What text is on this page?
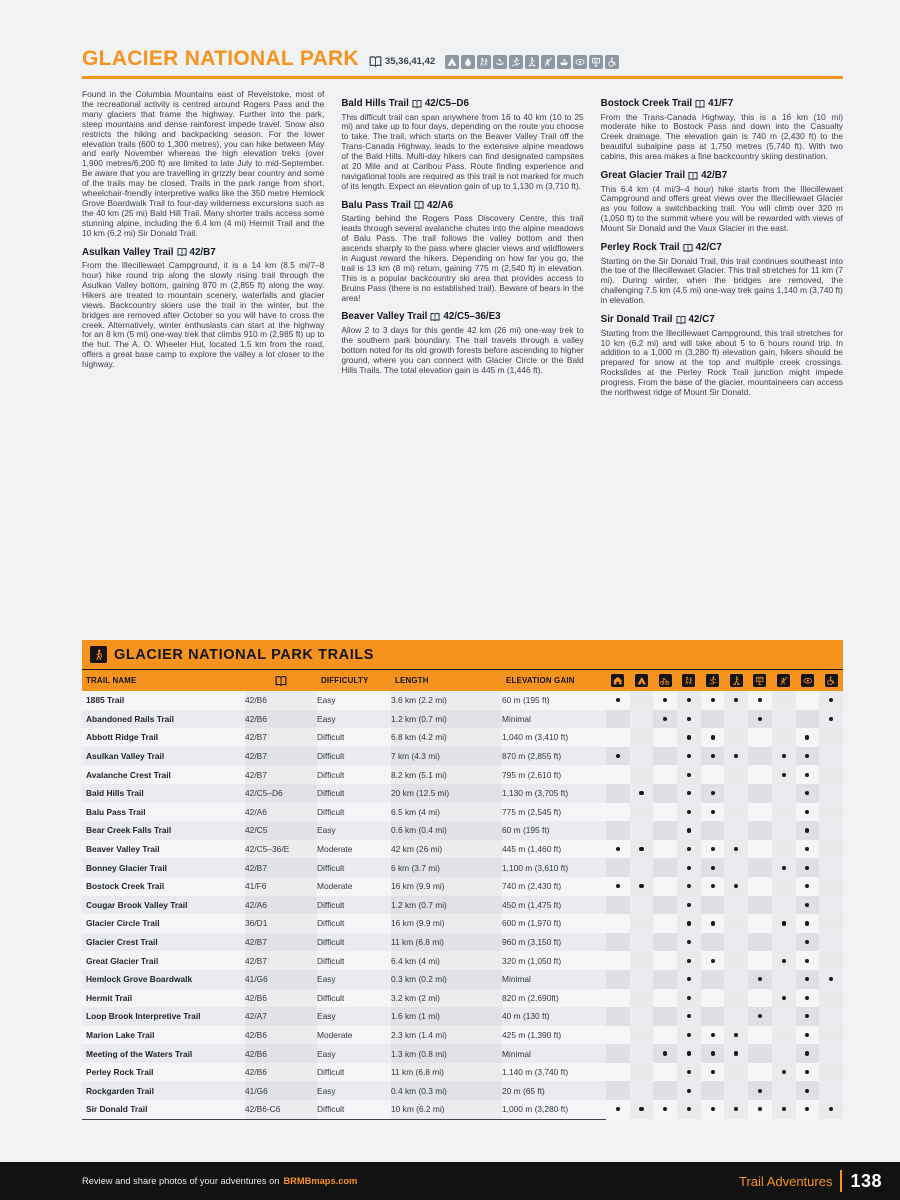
GLACIER NATIONAL PARK	35,36,41,42

Found in the Columbia Mountains east of Revelstoke, most of the recreational activity is centred around Rogers Pass and the many glaciers that frame the highway. Further into the park, steep mountains and dense rainforest impede travel. Snow also restricts the hiking and backpacking season. For the lower elevation trails (600 to 1,300 metres), you can hike between May and early November whereas the high elevation treks (over 1,900 metres/6,200 ft) are limited to late July to mid-September. Be aware that you are travelling in grizzly bear country and some of the trails may be closed. Trails in the park range from short, wheelchair-friendly interpretive walks like the 350 metre Hemlock Grove Boardwalk Trail to four-day wilderness excursions such as the 40 km (25 mi) Bald Hill Trail. Many shorter trails access some stunning alpine, including the 6.4 km (4 mi) Hermit Trail and the 10 km (6.2 mi) Sir Donald Trail.

Asulkan Valley Trail 42/B7

From the Illecillewaet Campground, it is a 14 km (8.5 mi/7–8 hour) hike round trip along the slowly rising trail through the Asulkan Valley bottom, gaining 870 m (2,855 ft) along the way. Hikers are treated to mountain scenery, waterfalls and glacier views. Backcountry skiers use the trail in the winter, but the bridges are removed after October so you will have to cross the creek. Alternatively, winter enthusiasts can start at the highway for an 8 km (5 mi) one-way trek that climbs 910 m (2,985 ft) up to the hut. The A. O. Wheeler Hut, located 1.5 km from the road, offers a great base camp to explore the valley a lot closer to the highway.

Bald Hills Trail 42/C5–D6

This difficult trail can span anywhere from 16 to 40 km (10 to 25 mi) and take up to four days, depending on the route you choose to take. The trail, which starts on the Beaver Valley Trail off the Trans-Canada Highway, leads to the extensive alpine meadows of the Bald Hills. Multi-day hikers can find designated campsites at 20 Mile and at Caribou Pass. Route finding experience and navigational tools are required as this trail is not marked for much of its length. Expect an elevation gain of up to 1,130 m (3,710 ft).

Balu Pass Trail 42/A6

Starting behind the Rogers Pass Discovery Centre, this trail leads through several avalanche chutes into the alpine meadows of Balu Pass. The trail follows the valley bottom and then ascends sharply to the pass where glacier views and wildflowers in August reward the hikers. Depending on how far you go, the trail is 13 km (8 mi) return, gaining 775 m (2,540 ft) in elevation. This is a popular backcountry ski area that provides access to Bruins Pass (there is no established trail). Beware of bears in the area!

Beaver Valley Trail 42/C5–36/E3

Allow 2 to 3 days for this gentle 42 km (26 mi) one-way trek to the southern park boundary. The trail travels through a valley bottom noted for its old growth forests before ascending to higher ground, where you can connect with Glacier Circle or the Bald Hills Trails. The total elevation gain is 445 m (1,446 ft).

Bostock Creek Trail 41/F7

From the Trans-Canada Highway, this is a 16 km (10 mi) moderate hike to Bostock Pass and down into the Casualty Creek drainage. The elevation gain is 740 m (2,430 ft) to the beautiful subalpine pass at 1,750 metres (5,740 ft). With two cabins, this area makes a fine backcountry skiing destination.

Great Glacier Trail 42/B7

This 6.4 km (4 mi/3–4 hour) hike starts from the Illecillewaet Campground and offers great views over the Illecillewaet Glacier as you follow a switchbacking trail. You will climb over 320 m (1,050 ft) to the summit where you will be rewarded with views of Mount Sir Donald and the Vaux Glacier in the east.

Perley Rock Trail 42/C7

Starting on the Sir Donald Trail, this trail continues southeast into the toe of the Illecillewaet Glacier. This trail stretches for 11 km (7 mi). During winter, when the bridges are removed, the challenging 7.5 km (4.5 mi) one-way trek gains 1,140 m (3,740 ft) in elevation.

Sir Donald Trail 42/C7

Starting from the Illecillewaet Campground, this trail stretches for 10 km (6.2 mi) and will take about 5 to 6 hours round trip. In addition to a 1,000 m (3,280 ft) elevation gain, hikers should be prepared for snow at the top and multiple creek crossings. Rockslides at the Perley Rock Trail junction might impede progress. From the base of the glacier, mountaineers can access the northwest ridge of Mount Sir Donald.

GLACIER NATIONAL PARK TRAILS
TRAIL NAME	DIFFICULTY	LENGTH	ELEVATION GAIN
1885 Trail	42/B6	Easy	3.6 km (2.2 mi)	60 m (195 ft)
Abandoned Rails Trail	42/B6	Easy	1.2 km (0.7 mi)	Minimal
Abbott Ridge Trail	42/B7	Difficult	6.8 km (4.2 mi)	1,040 m (3,410 ft)
Asulkan Valley Trail	42/B7	Difficult	7 km (4.3 mi)	870 m (2,855 ft)
Avalanche Crest Trail	42/B7	Difficult	8.2 km (5.1 mi)	795 m (2,610 ft)
Bald Hills Trail	42/C5–D6	Difficult	20 km (12.5 mi)	1,130 m (3,705 ft)
Balu Pass Trail	42/A6	Difficult	6.5 km (4 mi)	775 m (2,545 ft)
Bear Creek Falls Trail	42/C5	Easy	0.6 km (0.4 mi)	60 m (195 ft)
Beaver Valley Trail	42/C5–36/E	Moderate	42 km (26 mi)	445 m (1,460 ft)
Bonney Glacier Trail	42/B7	Difficult	6 km (3.7 mi)	1,100 m (3,610 ft)
Bostock Creek Trail	41/F6	Moderate	16 km (9.9 mi)	740 m (2,430 ft)
Cougar Brook Valley Trail	42/A6	Difficult	1.2 km (0.7 mi)	450 m (1,475 ft)
Glacier Circle Trail	36/D1	Difficult	16 km (9.9 mi)	600 m (1,970 ft)
Glacier Crest Trail	42/B7	Difficult	11 km (6.8 mi)	960 m (3,150 ft)
Great Glacier Trail	42/B7	Difficult	6.4 km (4 mi)	320 m (1,050 ft)
Hemlock Grove Boardwalk	41/G6	Easy	0.3 km (0.2 mi)	Minimal
Hermit Trail	42/B6	Difficult	3.2 km (2 mi)	820 m (2,690ft)
Loop Brook Interpretive Trail	42/A7	Easy	1.6 km (1 mi)	40 m (130 ft)
Marion Lake Trail	42/B6	Moderate	2.3 km (1.4 mi)	425 m (1,390 ft)
Meeting of the Waters Trail	42/B6	Easy	1.3 km (0.8 mi)	Minimal
Perley Rock Trail	42/B6	Difficult	11 km (6.8 mi)	1,140 m (3,740 ft)
Rockgarden Trail	41/G6	Easy	0.4 km (0.3 mi)	20 m (65 ft)
Sir Donald Trail	42/B6-C6	Difficult	10 km (6.2 mi)	1,000 m (3,280 ft)
Review and share photos of your adventures on BRMBmaps.com	Trail Adventures 138
